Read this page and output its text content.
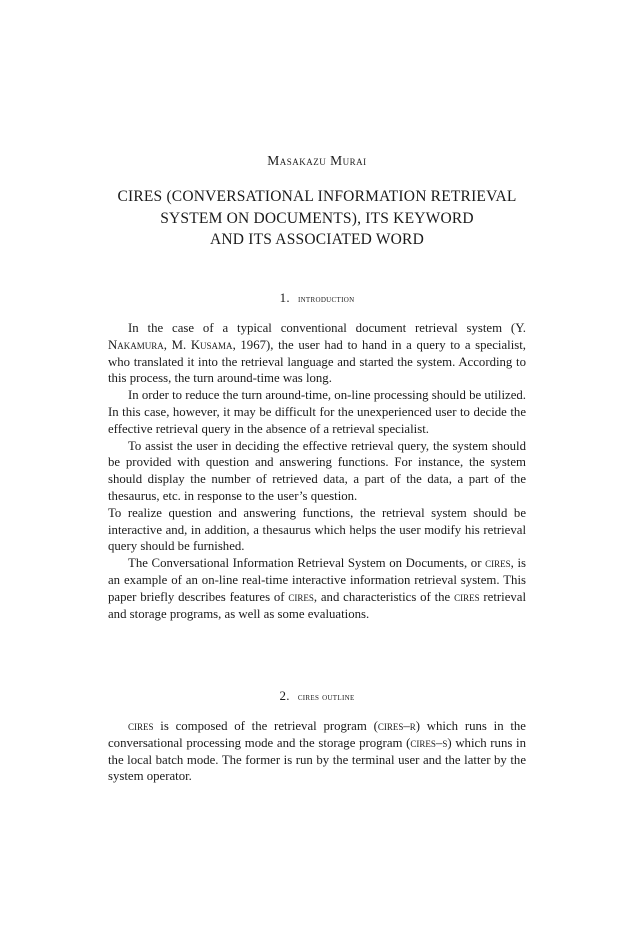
Masakazu Murai
CIRES (CONVERSATIONAL INFORMATION RETRIEVAL
SYSTEM ON DOCUMENTS), ITS KEYWORD
AND ITS ASSOCIATED WORD
1. introduction

In the case of a typical conventional document retrieval system (Y. Nakamura, M. Kusama, 1967), the user had to hand in a query to a specialist, who translated it into the retrieval language and started the system. According to this process, the turn around-time was long.

In order to reduce the turn around-time, on-line processing should be utilized. In this case, however, it may be difficult for the unexperienced user to decide the effective retrieval query in the absence of a retrieval specialist.

To assist the user in deciding the effective retrieval query, the system should be provided with question and answering functions. For instance, the system should display the number of retrieved data, a part of the data, a part of the thesaurus, etc. in response to the user’s question.

To realize question and answering functions, the retrieval system should be interactive and, in addition, a thesaurus which helps the user modify his retrieval query should be furnished.

The Conversational Information Retrieval System on Documents, or cires, is an example of an on-line real-time interactive information retrieval system. This paper briefly describes features of cires, and characteristics of the cires retrieval and storage programs, as well as some evaluations.

2. cires outline

cires is composed of the retrieval program (cires–r) which runs in the conversational processing mode and the storage program (cires–s) which runs in the local batch mode. The former is run by the terminal user and the latter by the system operator.
